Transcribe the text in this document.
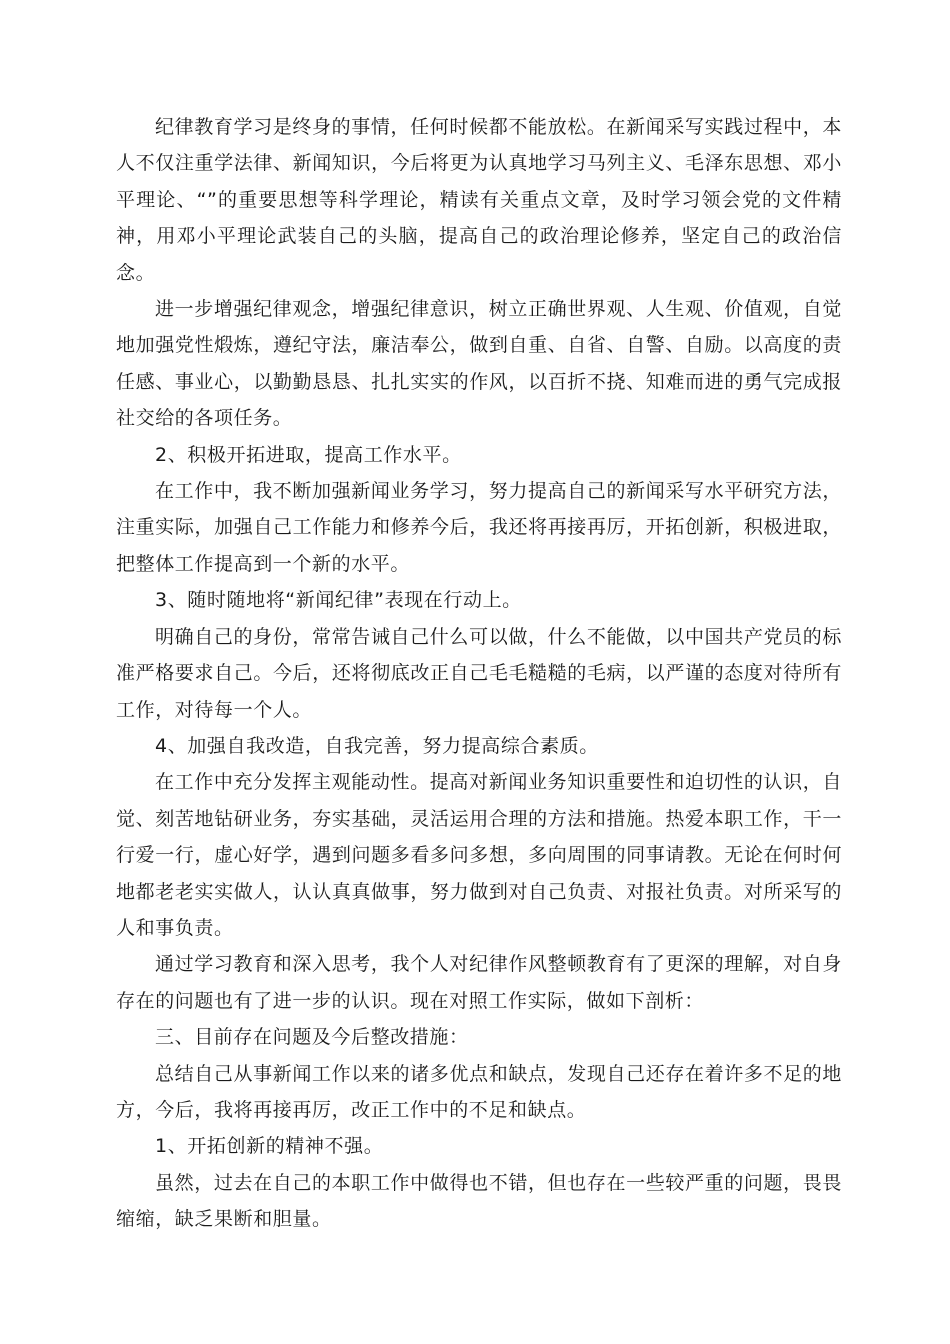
纪律教育学习是终身的事情，任何时候都不能放松。在新闻采写实践过程中，本人不仅注重学法律、新闻知识，今后将更为认真地学习马列主义、毛泽东思想、邓小平理论、“”的重要思想等科学理论，精读有关重点文章，及时学习领会党的文件精神，用邓小平理论武装自己的头脑，提高自己的政治理论修养，坚定自己的政治信念。

进一步增强纪律观念，增强纪律意识，树立正确世界观、人生观、价值观，自觉地加强党性煅炼，遵纪守法，廉洁奉公，做到自重、自省、自警、自励。以高度的责任感、事业心，以勤勤恳恳、扎扎实实的作风，以百折不挠、知难而进的勇气完成报社交给的各项任务。

2、积极开拓进取，提高工作水平。

在工作中，我不断加强新闻业务学习，努力提高自己的新闻采写水平研究方法，注重实际，加强自己工作能力和修养今后，我还将再接再厉，开拓创新，积极进取，把整体工作提高到一个新的水平。

3、随时随地将“新闻纪律”表现在行动上。

明确自己的身份，常常告诫自己什么可以做，什么不能做，以中国共产党员的标准严格要求自己。今后，还将彻底改正自己毛毛糙糙的毛病，以严谨的态度对待所有工作，对待每一个人。

4、加强自我改造，自我完善，努力提高综合素质。

在工作中充分发挥主观能动性。提高对新闻业务知识重要性和迫切性的认识，自觉、刻苦地钻研业务，夯实基础，灵活运用合理的方法和措施。热爱本职工作，干一行爱一行，虚心好学，遇到问题多看多问多想，多向周围的同事请教。无论在何时何地都老老实实做人，认认真真做事，努力做到对自己负责、对报社负责。对所采写的人和事负责。

通过学习教育和深入思考，我个人对纪律作风整顿教育有了更深的理解，对自身存在的问题也有了进一步的认识。现在对照工作实际，做如下剖析：

三、目前存在问题及今后整改措施：

总结自己从事新闻工作以来的诸多优点和缺点，发现自己还存在着许多不足的地方，今后，我将再接再厉，改正工作中的不足和缺点。

1、开拓创新的精神不强。

虽然，过去在自己的本职工作中做得也不错，但也存在一些较严重的问题，畏畏缩缩，缺乏果断和胆量。
